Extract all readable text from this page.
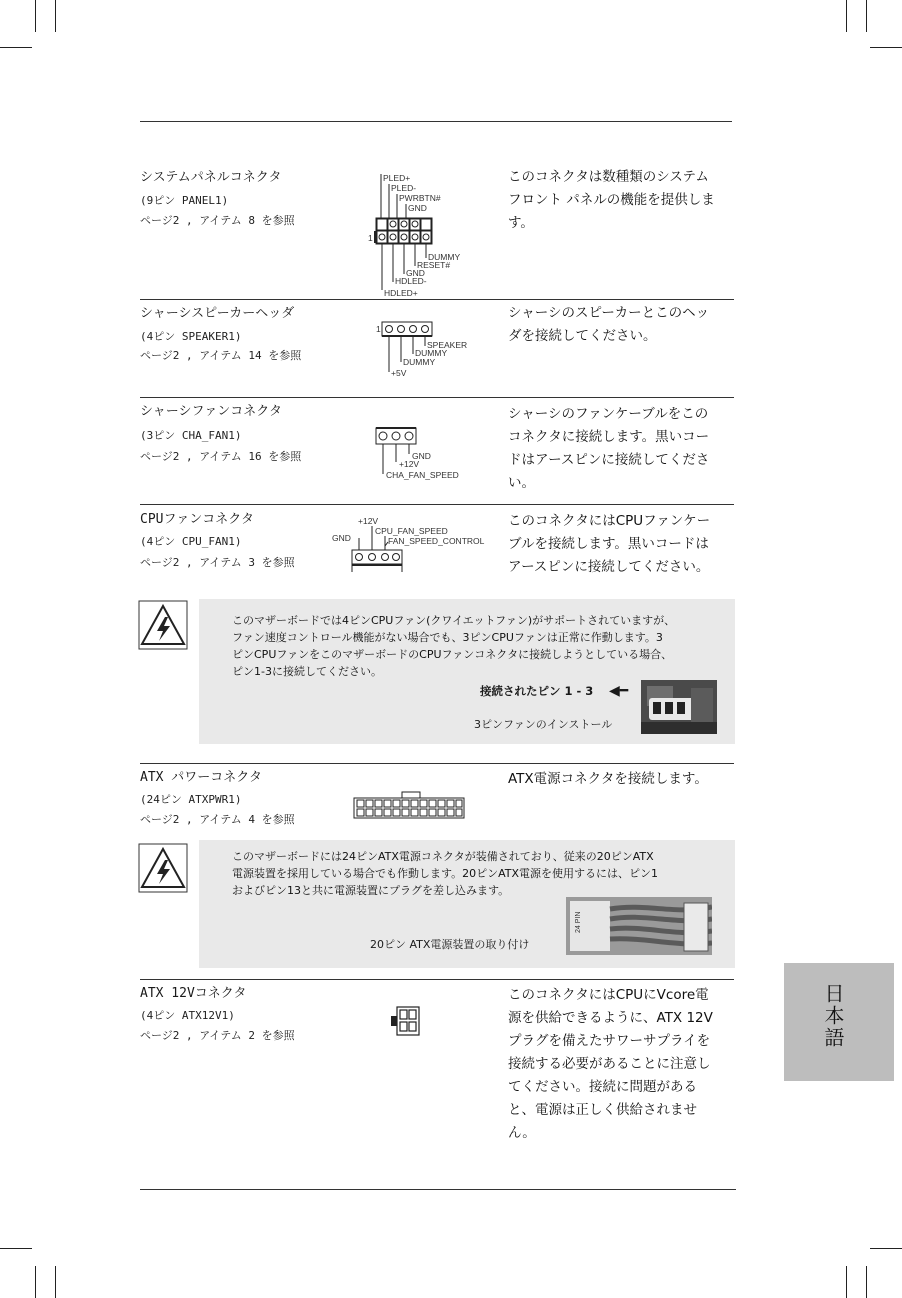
システムパネルコネクタ
(9ピン PANEL1)
ページ2 , アイテム 8 を参照
1
PLED+
PLED-
PWRBTN#
GND
DUMMY
RESET#
GND
HDLED-
HDLED+

このコネクタは数種類のシステム

フロント パネルの機能を提供しま

す。

シャーシスピーカーヘッダ
(4ピン SPEAKER1)
ページ2 , アイテム 14 を参照
1
SPEAKER
DUMMY
DUMMY
+5V

シャーシのスピーカーとこのヘッ

ダを接続してください。

シャーシファンコネクタ
(3ピン CHA_FAN1)
ページ2 , アイテム 16 を参照	GND
+12V
CHA_FAN_SPEED

シャーシのファンケーブルをこの

コネクタに接続します。黒いコー

ドはアースピンに接続してくださ

い。

CPUファンコネクタ
(4ピン CPU_FAN1)
ページ2 , アイテム 3 を参照
+12V
GND
CPU_FAN_SPEED
FAN_SPEED_CONTROL

このコネクタにはCPUファンケー

ブルを接続します。黒いコードは

アースピンに接続してください。

このマザーボードでは4ピンCPUファン(クワイエットファン)がサポートされていますが、
ファン速度コントロール機能がない場合でも、3ピンCPUファンは正常に作動します。3
ピンCPUファンをこのマザーボードのCPUファンコネクタに接続しようとしている場合、
ピン1-3に接続してください。
接続されたピン 1 - 3 ◀━
3ピンファンのインストール
ATX パワーコネクタ
(24ピン ATXPWR1)
ページ2 , アイテム 4 を参照

ATX電源コネクタを接続します。

このマザーボードには24ピンATX電源コネクタが装備されており、従来の20ピンATX
電源装置を採用している場合でも作動します。20ピンATX電源を使用するには、ピン1
およびピン13と共に電源装置にプラグを差し込みます。
20ピン ATX電源装置の取り付け
24 PIN
ATX 12Vコネクタ
(4ピン ATX12V1)
ページ2 , アイテム 2 を参照

このコネクタにはCPUにVcore電

源を供給できるように、ATX 12V

プラグを備えたサワーサプライを

接続する必要があることに注意し

てください。接続に問題がある

と、電源は正しく供給されませ

ん。

日本語
